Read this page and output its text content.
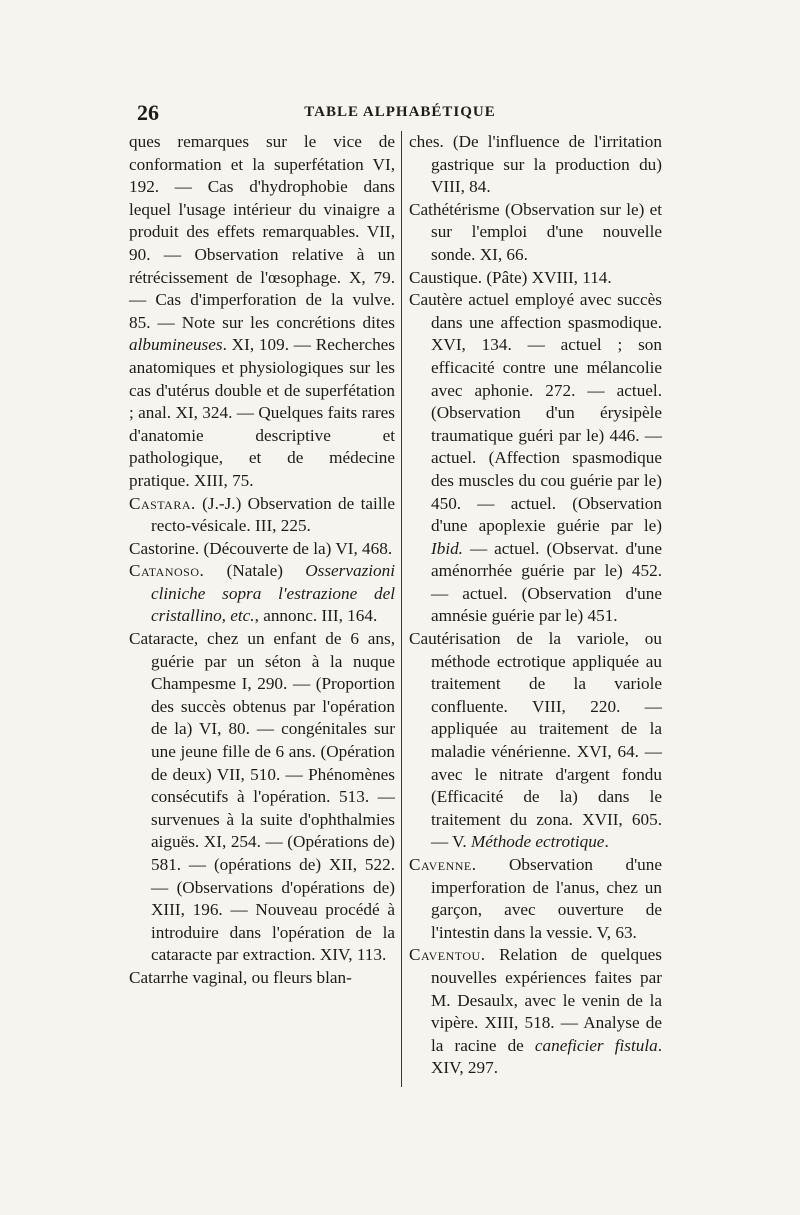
26	TABLE ALPHABÉTIQUE

ques remarques sur le vice de conformation et la superfétation VI, 192. — Cas d'hydrophobie dans lequel l'usage intérieur du vinaigre a produit des effets remarquables. VII, 90. — Observation relative à un rétrécissement de l'œsophage. X, 79. — Cas d'imperforation de la vulve. 85. — Note sur les concrétions dites albumineuses. XI, 109. — Recherches anatomiques et physiologiques sur les cas d'utérus double et de superfétation ; anal. XI, 324. — Quelques faits rares d'anatomie descriptive et pathologique, et de médecine pratique. XIII, 75.

Castara. (J.-J.) Observation de taille recto-vésicale. III, 225.

Castorine. (Découverte de la) VI, 468.

Catanoso. (Natale) Osservazioni cliniche sopra l'estrazione del cristallino, etc., annonc. III, 164.

Cataracte, chez un enfant de 6 ans, guérie par un séton à la nuque Champesme I, 290. — (Proportion des succès obtenus par l'opération de la) VI, 80. — congénitales sur une jeune fille de 6 ans. (Opération de deux) VII, 510. — Phénomènes consécutifs à l'opération. 513. — survenues à la suite d'ophthalmies aiguës. XI, 254. — (Opérations de) 581. — (opérations de) XII, 522. — (Observations d'opérations de) XIII, 196. — Nouveau procédé à introduire dans l'opération de la cataracte par extraction. XIV, 113.

Catarrhe vaginal, ou fleurs blan-

ches. (De l'influence de l'irritation gastrique sur la production du) VIII, 84.

Cathétérisme (Observation sur le) et sur l'emploi d'une nouvelle sonde. XI, 66.

Caustique. (Pâte) XVIII, 114.

Cautère actuel employé avec succès dans une affection spasmodique. XVI, 134. — actuel ; son efficacité contre une mélancolie avec aphonie. 272. — actuel. (Observation d'un érysipèle traumatique guéri par le) 446. — actuel. (Affection spasmodique des muscles du cou guérie par le) 450. — actuel. (Observation d'une apoplexie guérie par le) Ibid. — actuel. (Observat. d'une aménorrhée guérie par le) 452. — actuel. (Observation d'une amnésie guérie par le) 451.

Cautérisation de la variole, ou méthode ectrotique appliquée au traitement de la variole confluente. VIII, 220. — appliquée au traitement de la maladie vénérienne. XVI, 64. — avec le nitrate d'argent fondu (Efficacité de la) dans le traitement du zona. XVII, 605. — V. Méthode ectrotique.

Cavenne. Observation d'une imperforation de l'anus, chez un garçon, avec ouverture de l'intestin dans la vessie. V, 63.

Caventou. Relation de quelques nouvelles expériences faites par M. Desaulx, avec le venin de la vipère. XIII, 518. — Analyse de la racine de caneficier fistula. XIV, 297.
